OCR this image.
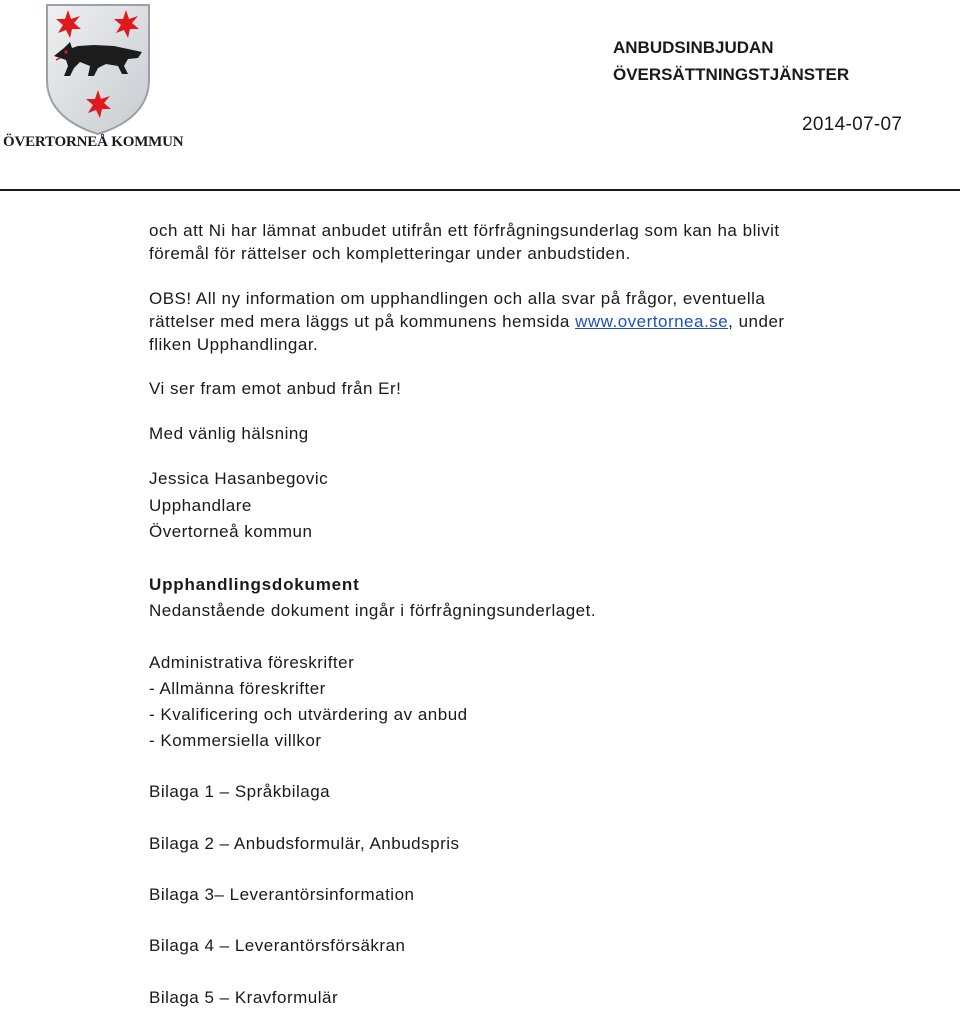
ÖVERTORNEÅ KOMMUN
ANBUDSINBJUDAN
ÖVERSÄTTNINGSTJÄNSTER
2014-07-07
och att Ni har lämnat anbudet utifrån ett förfrågningsunderlag som kan ha blivit
föremål för rättelser och kompletteringar under anbudstiden.
OBS! All ny information om upphandlingen och alla svar på frågor, eventuella
rättelser med mera läggs ut på kommunens hemsida www.overtornea.se, under
fliken Upphandlingar.
Vi ser fram emot anbud från Er!
Med vänlig hälsning
Jessica Hasanbegovic
Upphandlare
Övertorneå kommun
Upphandlingsdokument
Nedanstående dokument ingår i förfrågningsunderlaget.
Administrativa föreskrifter
- Allmänna föreskrifter
- Kvalificering och utvärdering av anbud
- Kommersiella villkor
Bilaga 1 – Språkbilaga
Bilaga 2 – Anbudsformulär, Anbudspris
Bilaga 3– Leverantörsinformation
Bilaga 4 – Leverantörsförsäkran
Bilaga 5 – Kravformulär
